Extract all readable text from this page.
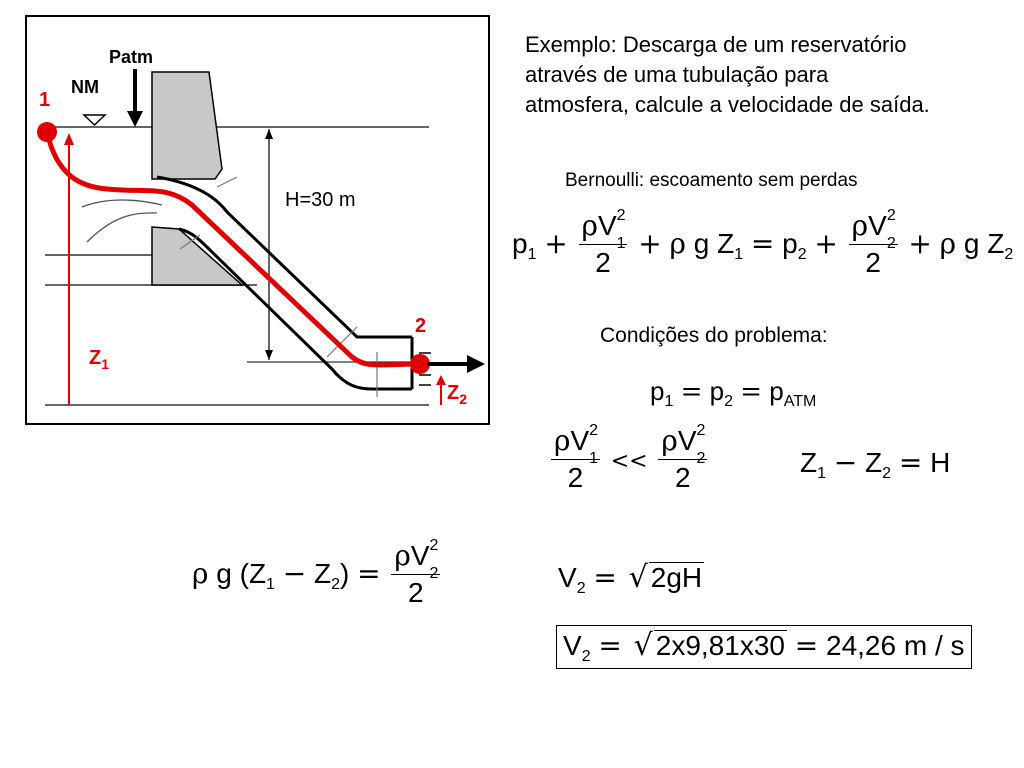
Patm
NM
1
2
H=30 m
$Z_1$
$Z_2$
Exemplo: Descarga de um reservatório
através de uma tubulação para
atmosfera, calcule a velocidade de saída.
Bernoulli: escoamento sem perdas
$p_1 + \rho V$ 2
1

2 + ρ g $Z_1 = p_2 + \rho V$ 2
2

2 + ρ g $Z_2$
Condições do problema:
$p_1 = p_2 = p_{ATM}$
ρV 2
1

2 << ρV 2
2

2	$Z_1 - Z_2 = H$
ρ g $(Z_1 - Z_2) = \rho V$ 2
2

2	$V_2$ = √ 2gH
$V_2$ = √ 2x9,81x30 = 24,26 m / s
